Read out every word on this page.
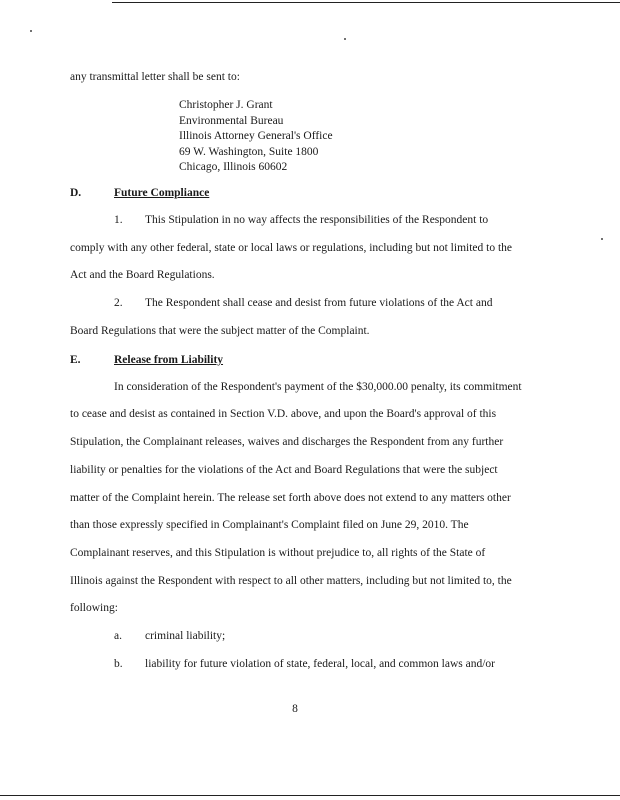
any transmittal letter shall be sent to:
Christopher J. Grant
Environmental Bureau
Illinois Attorney General's Office
69 W. Washington, Suite 1800
Chicago, Illinois 60602
D.	Future Compliance
1. This Stipulation in no way affects the responsibilities of the Respondent to
comply with any other federal, state or local laws or regulations, including but not limited to the
Act and the Board Regulations.
2. The Respondent shall cease and desist from future violations of the Act and
Board Regulations that were the subject matter of the Complaint.
E.	Release from Liability
In consideration of the Respondent's payment of the $30,000.00 penalty, its commitment
to cease and desist as contained in Section V.D. above, and upon the Board's approval of this
Stipulation, the Complainant releases, waives and discharges the Respondent from any further
liability or penalties for the violations of the Act and Board Regulations that were the subject
matter of the Complaint herein. The release set forth above does not extend to any matters other
than those expressly specified in Complainant's Complaint filed on June 29, 2010. The
Complainant reserves, and this Stipulation is without prejudice to, all rights of the State of
Illinois against the Respondent with respect to all other matters, including but not limited to, the
following:
a. criminal liability;
b. liability for future violation of state, federal, local, and common laws and/or
8
